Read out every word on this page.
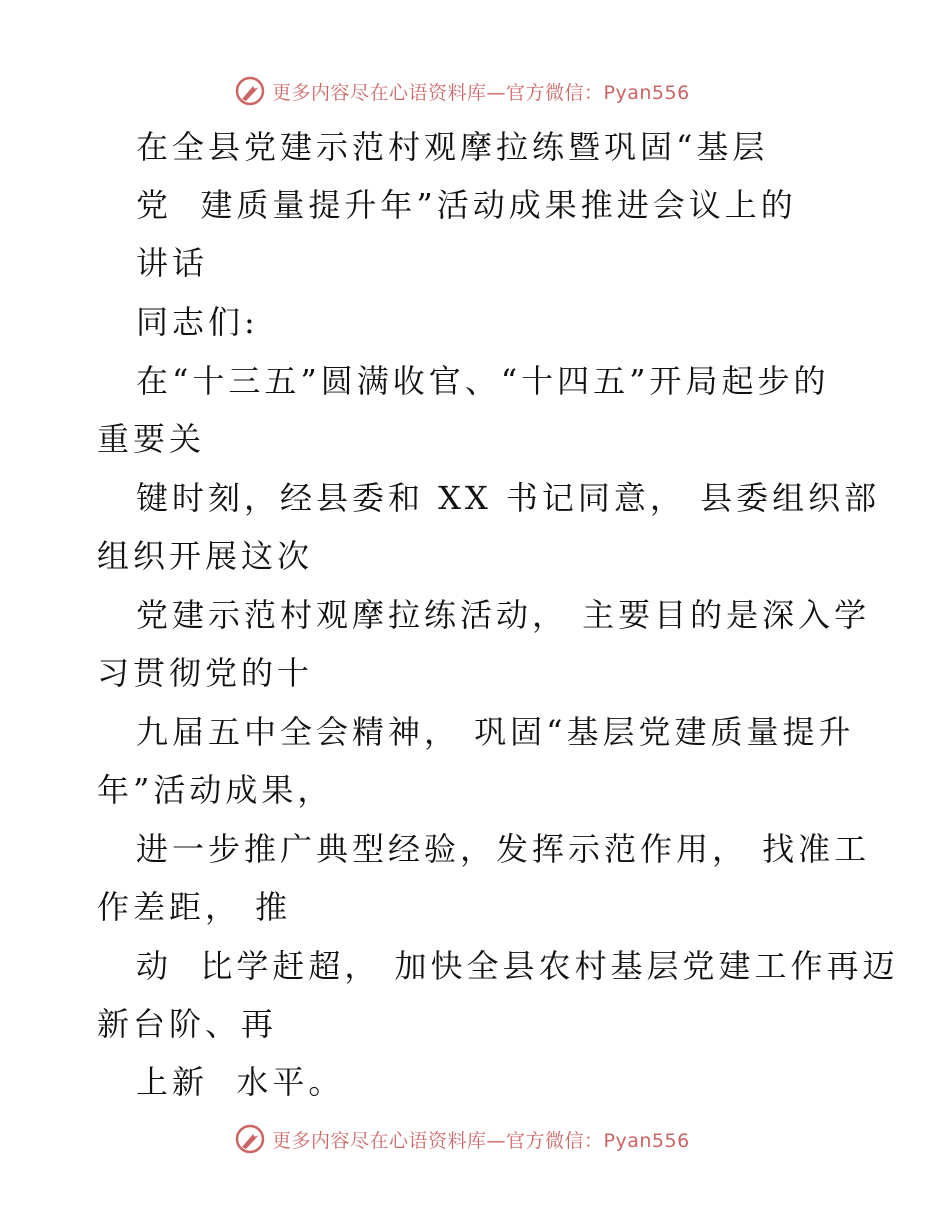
更多内容尽在心语资料库—官方微信：Pyan556
在全县党建示范村观摩拉练暨巩固“基层
党  建质量提升年”活动成果推进会议上的
讲话
同志们:
在“十三五”圆满收官、“十四五”开局起步的
重要关
键时刻，经县委和 XX 书记同意， 县委组织部
组织开展这次
党建示范村观摩拉练活动， 主要目的是深入学
习贯彻党的十
九届五中全会精神， 巩固“基层党建质量提升
年”活动成果，
进一步推广典型经验，发挥示范作用， 找准工
作差距， 推
动  比学赶超， 加快全县农村基层党建工作再迈
新台阶、再
上新  水平。
更多内容尽在心语资料库—官方微信：Pyan556
